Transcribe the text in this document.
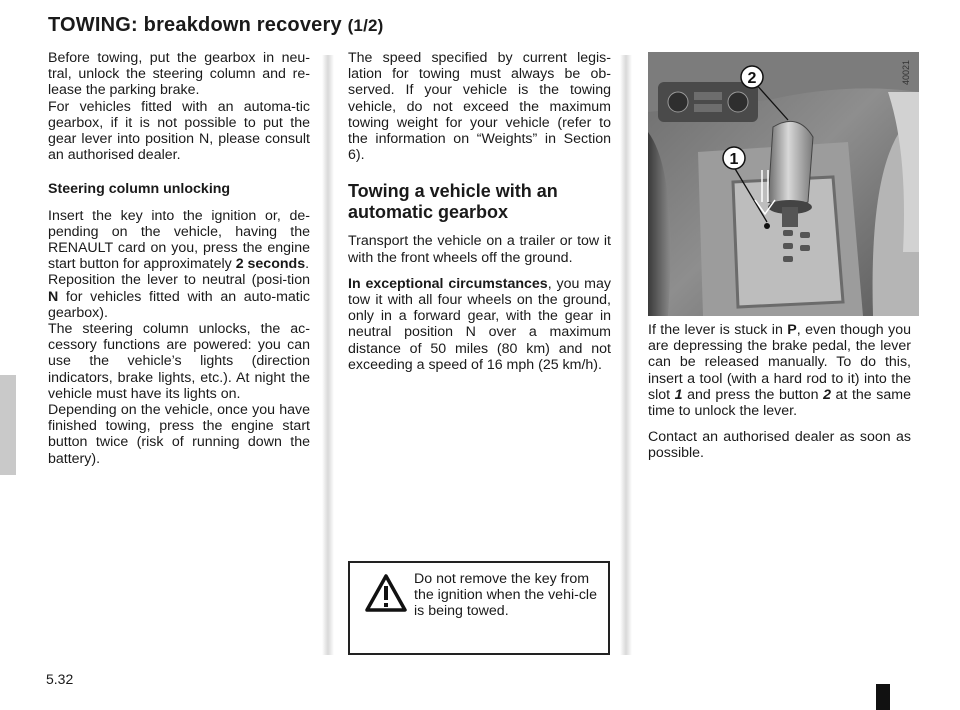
TOWING: breakdown recovery (1/2)

Before towing, put the gearbox in neu-tral, unlock the steering column and re-lease the parking brake.

For vehicles fitted with an automa-tic gearbox, if it is not possible to put the gear lever into position N, please consult an authorised dealer.

Steering column unlocking

Insert the key into the ignition or, de-pending on the vehicle, having the RENAULT card on you, press the engine start button for approximately 2 seconds.

Reposition the lever to neutral (posi-tion N for vehicles fitted with an auto-matic gearbox).

The steering column unlocks, the ac-cessory functions are powered: you can use the vehicle’s lights (direction indicators, brake lights, etc.). At night the vehicle must have its lights on.

Depending on the vehicle, once you have finished towing, press the engine start button twice (risk of running down the battery).

The speed specified by current legis-lation for towing must always be ob-served. If your vehicle is the towing vehicle, do not exceed the maximum towing weight for your vehicle (refer to the information on “Weights” in Section 6).

Towing a vehicle with an automatic gearbox

Transport the vehicle on a trailer or tow it with the front wheels off the ground.

In exceptional circumstances, you may tow it with all four wheels on the ground, only in a forward gear, with the gear in neutral position N over a maximum distance of 50 miles (80 km) and not exceeding a speed of 16 mph (25 km/h).

Do not remove the key from the ignition when the vehi-cle is being towed.
2
1
40021

If the lever is stuck in P, even though you are depressing the brake pedal, the lever can be released manually. To do this, insert a tool (with a hard rod to it) into the slot 1 and press the button 2 at the same time to unlock the lever.

Contact an authorised dealer as soon as possible.

5.32
